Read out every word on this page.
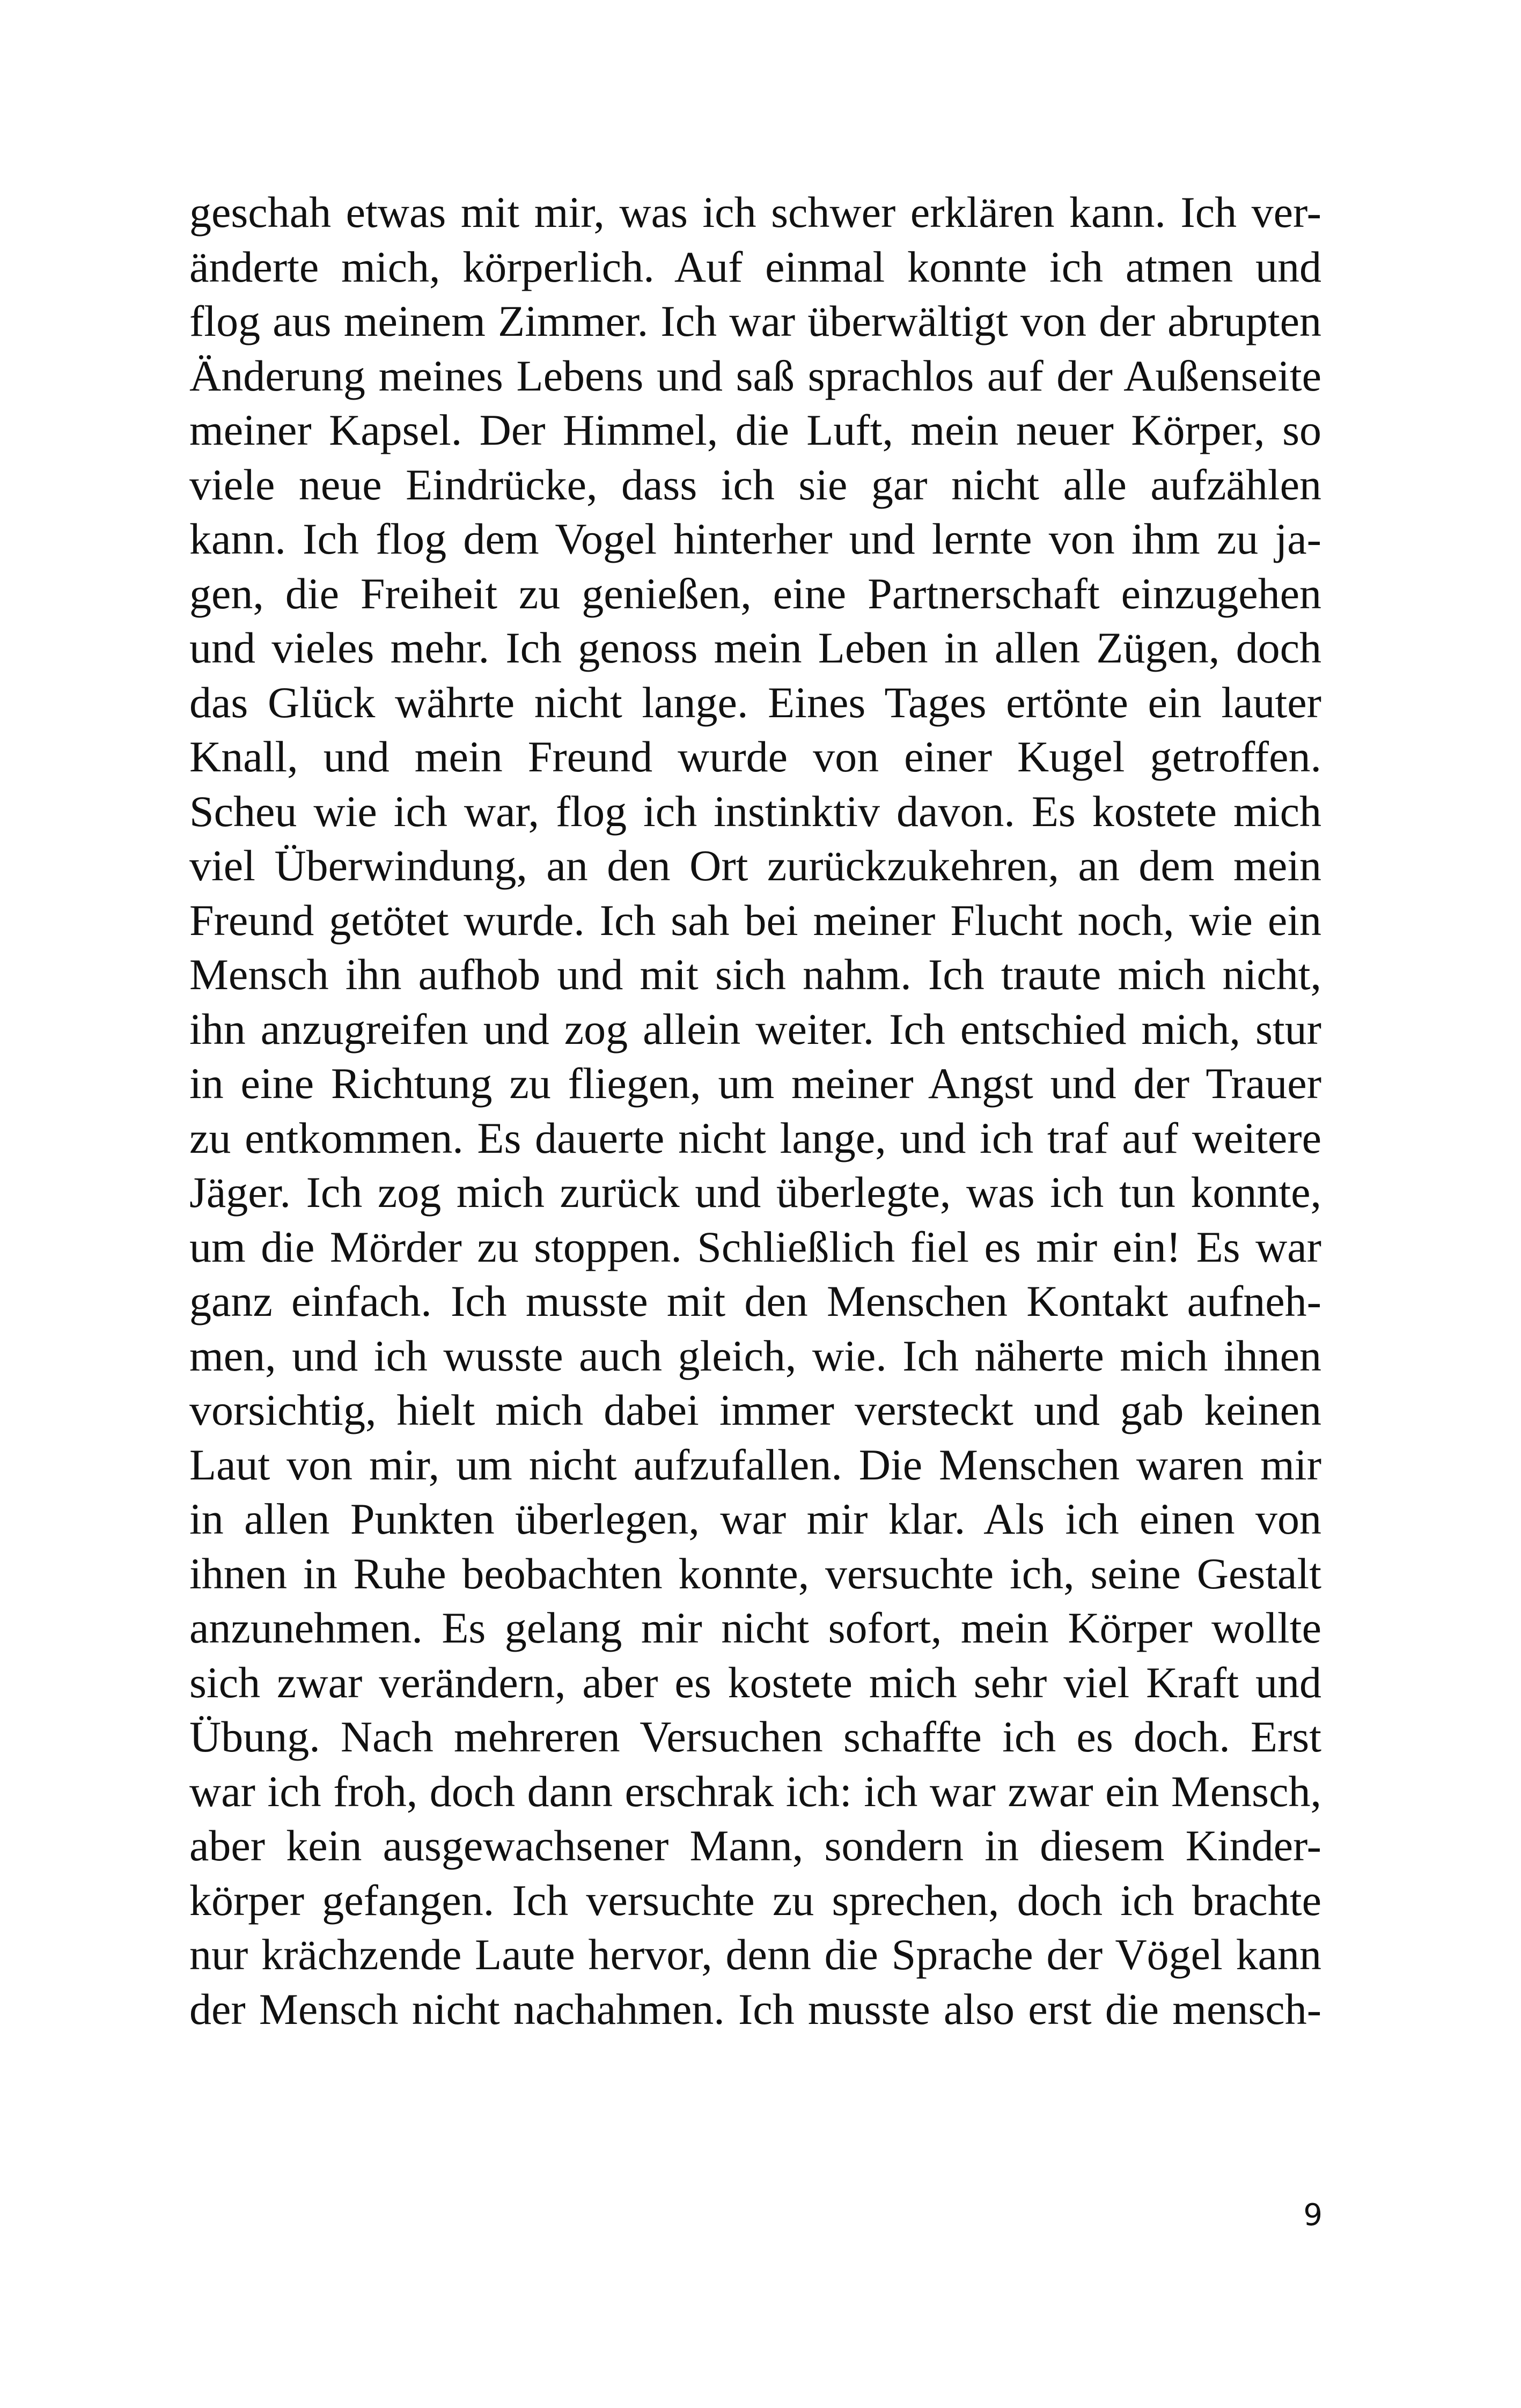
geschah etwas mit mir, was ich schwer erklären kann. Ich ver-
änderte mich, körperlich. Auf einmal konnte ich atmen und
flog aus meinem Zimmer. Ich war überwältigt von der abrupten
Änderung meines Lebens und saß sprachlos auf der Außenseite
meiner Kapsel. Der Himmel, die Luft, mein neuer Körper, so
viele neue Eindrücke, dass ich sie gar nicht alle aufzählen
kann. Ich flog dem Vogel hinterher und lernte von ihm zu ja-
gen, die Freiheit zu genießen, eine Partnerschaft einzugehen
und vieles mehr. Ich genoss mein Leben in allen Zügen, doch
das Glück währte nicht lange. Eines Tages ertönte ein lauter
Knall, und mein Freund wurde von einer Kugel getroffen.
Scheu wie ich war, flog ich instinktiv davon. Es kostete mich
viel Überwindung, an den Ort zurückzukehren, an dem mein
Freund getötet wurde. Ich sah bei meiner Flucht noch, wie ein
Mensch ihn aufhob und mit sich nahm. Ich traute mich nicht,
ihn anzugreifen und zog allein weiter. Ich entschied mich, stur
in eine Richtung zu fliegen, um meiner Angst und der Trauer
zu entkommen. Es dauerte nicht lange, und ich traf auf weitere
Jäger. Ich zog mich zurück und überlegte, was ich tun konnte,
um die Mörder zu stoppen. Schließlich fiel es mir ein! Es war
ganz einfach. Ich musste mit den Menschen Kontakt aufneh-
men, und ich wusste auch gleich, wie. Ich näherte mich ihnen
vorsichtig, hielt mich dabei immer versteckt und gab keinen
Laut von mir, um nicht aufzufallen. Die Menschen waren mir
in allen Punkten überlegen, war mir klar. Als ich einen von
ihnen in Ruhe beobachten konnte, versuchte ich, seine Gestalt
anzunehmen. Es gelang mir nicht sofort, mein Körper wollte
sich zwar verändern, aber es kostete mich sehr viel Kraft und
Übung. Nach mehreren Versuchen schaffte ich es doch. Erst
war ich froh, doch dann erschrak ich: ich war zwar ein Mensch,
aber kein ausgewachsener Mann, sondern in diesem Kinder-
körper gefangen. Ich versuchte zu sprechen, doch ich brachte
nur krächzende Laute hervor, denn die Sprache der Vögel kann
der Mensch nicht nachahmen. Ich musste also erst die mensch-
9
